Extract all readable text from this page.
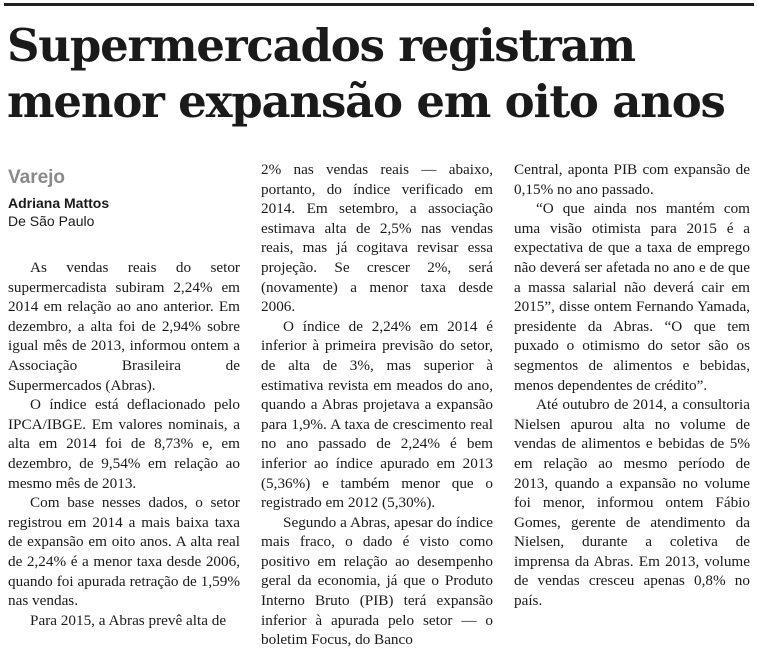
Supermercados registram
menor expansão em oito anos
Varejo
Adriana Mattos
De São Paulo

As vendas reais do setor supermercadista subiram 2,24% em 2014 em relação ao ano anterior. Em dezembro, a alta foi de 2,94% sobre igual mês de 2013, informou ontem a Associação Brasileira de Supermercados (Abras).

O índice está deflacionado pelo IPCA/IBGE. Em valores nominais, a alta em 2014 foi de 8,73% e, em dezembro, de 9,54% em relação ao mesmo mês de 2013.

Com base nesses dados, o setor registrou em 2014 a mais baixa taxa de expansão em oito anos. A alta real de 2,24% é a menor taxa desde 2006, quando foi apurada retração de 1,59% nas vendas.

Para 2015, a Abras prevê alta de

2% nas vendas reais — abaixo, portanto, do índice verificado em 2014. Em setembro, a associação estimava alta de 2,5% nas vendas reais, mas já cogitava revisar essa projeção. Se crescer 2%, será (novamente) a menor taxa desde 2006.

O índice de 2,24% em 2014 é inferior à primeira previsão do setor, de alta de 3%, mas superior à estimativa revista em meados do ano, quando a Abras projetava a expansão para 1,9%. A taxa de crescimento real no ano passado de 2,24% é bem inferior ao índice apurado em 2013 (5,36%) e também menor que o registrado em 2012 (5,30%).

Segundo a Abras, apesar do índice mais fraco, o dado é visto como positivo em relação ao desempenho geral da economia, já que o Produto Interno Bruto (PIB) terá expansão inferior à apurada pelo setor — o boletim Focus, do Banco

Central, aponta PIB com expansão de 0,15% no ano passado.

“O que ainda nos mantém com uma visão otimista para 2015 é a expectativa de que a taxa de emprego não deverá ser afetada no ano e de que a massa salarial não deverá cair em 2015”, disse ontem Fernando Yamada, presidente da Abras. “O que tem puxado o otimismo do setor são os segmentos de alimentos e bebidas, menos dependentes de crédito”.

Até outubro de 2014, a consultoria Nielsen apurou alta no volume de vendas de alimentos e bebidas de 5% em relação ao mesmo período de 2013, quando a expansão no volume foi menor, informou ontem Fábio Gomes, gerente de atendimento da Nielsen, durante a coletiva de imprensa da Abras. Em 2013, volume de vendas cresceu apenas 0,8% no país.
